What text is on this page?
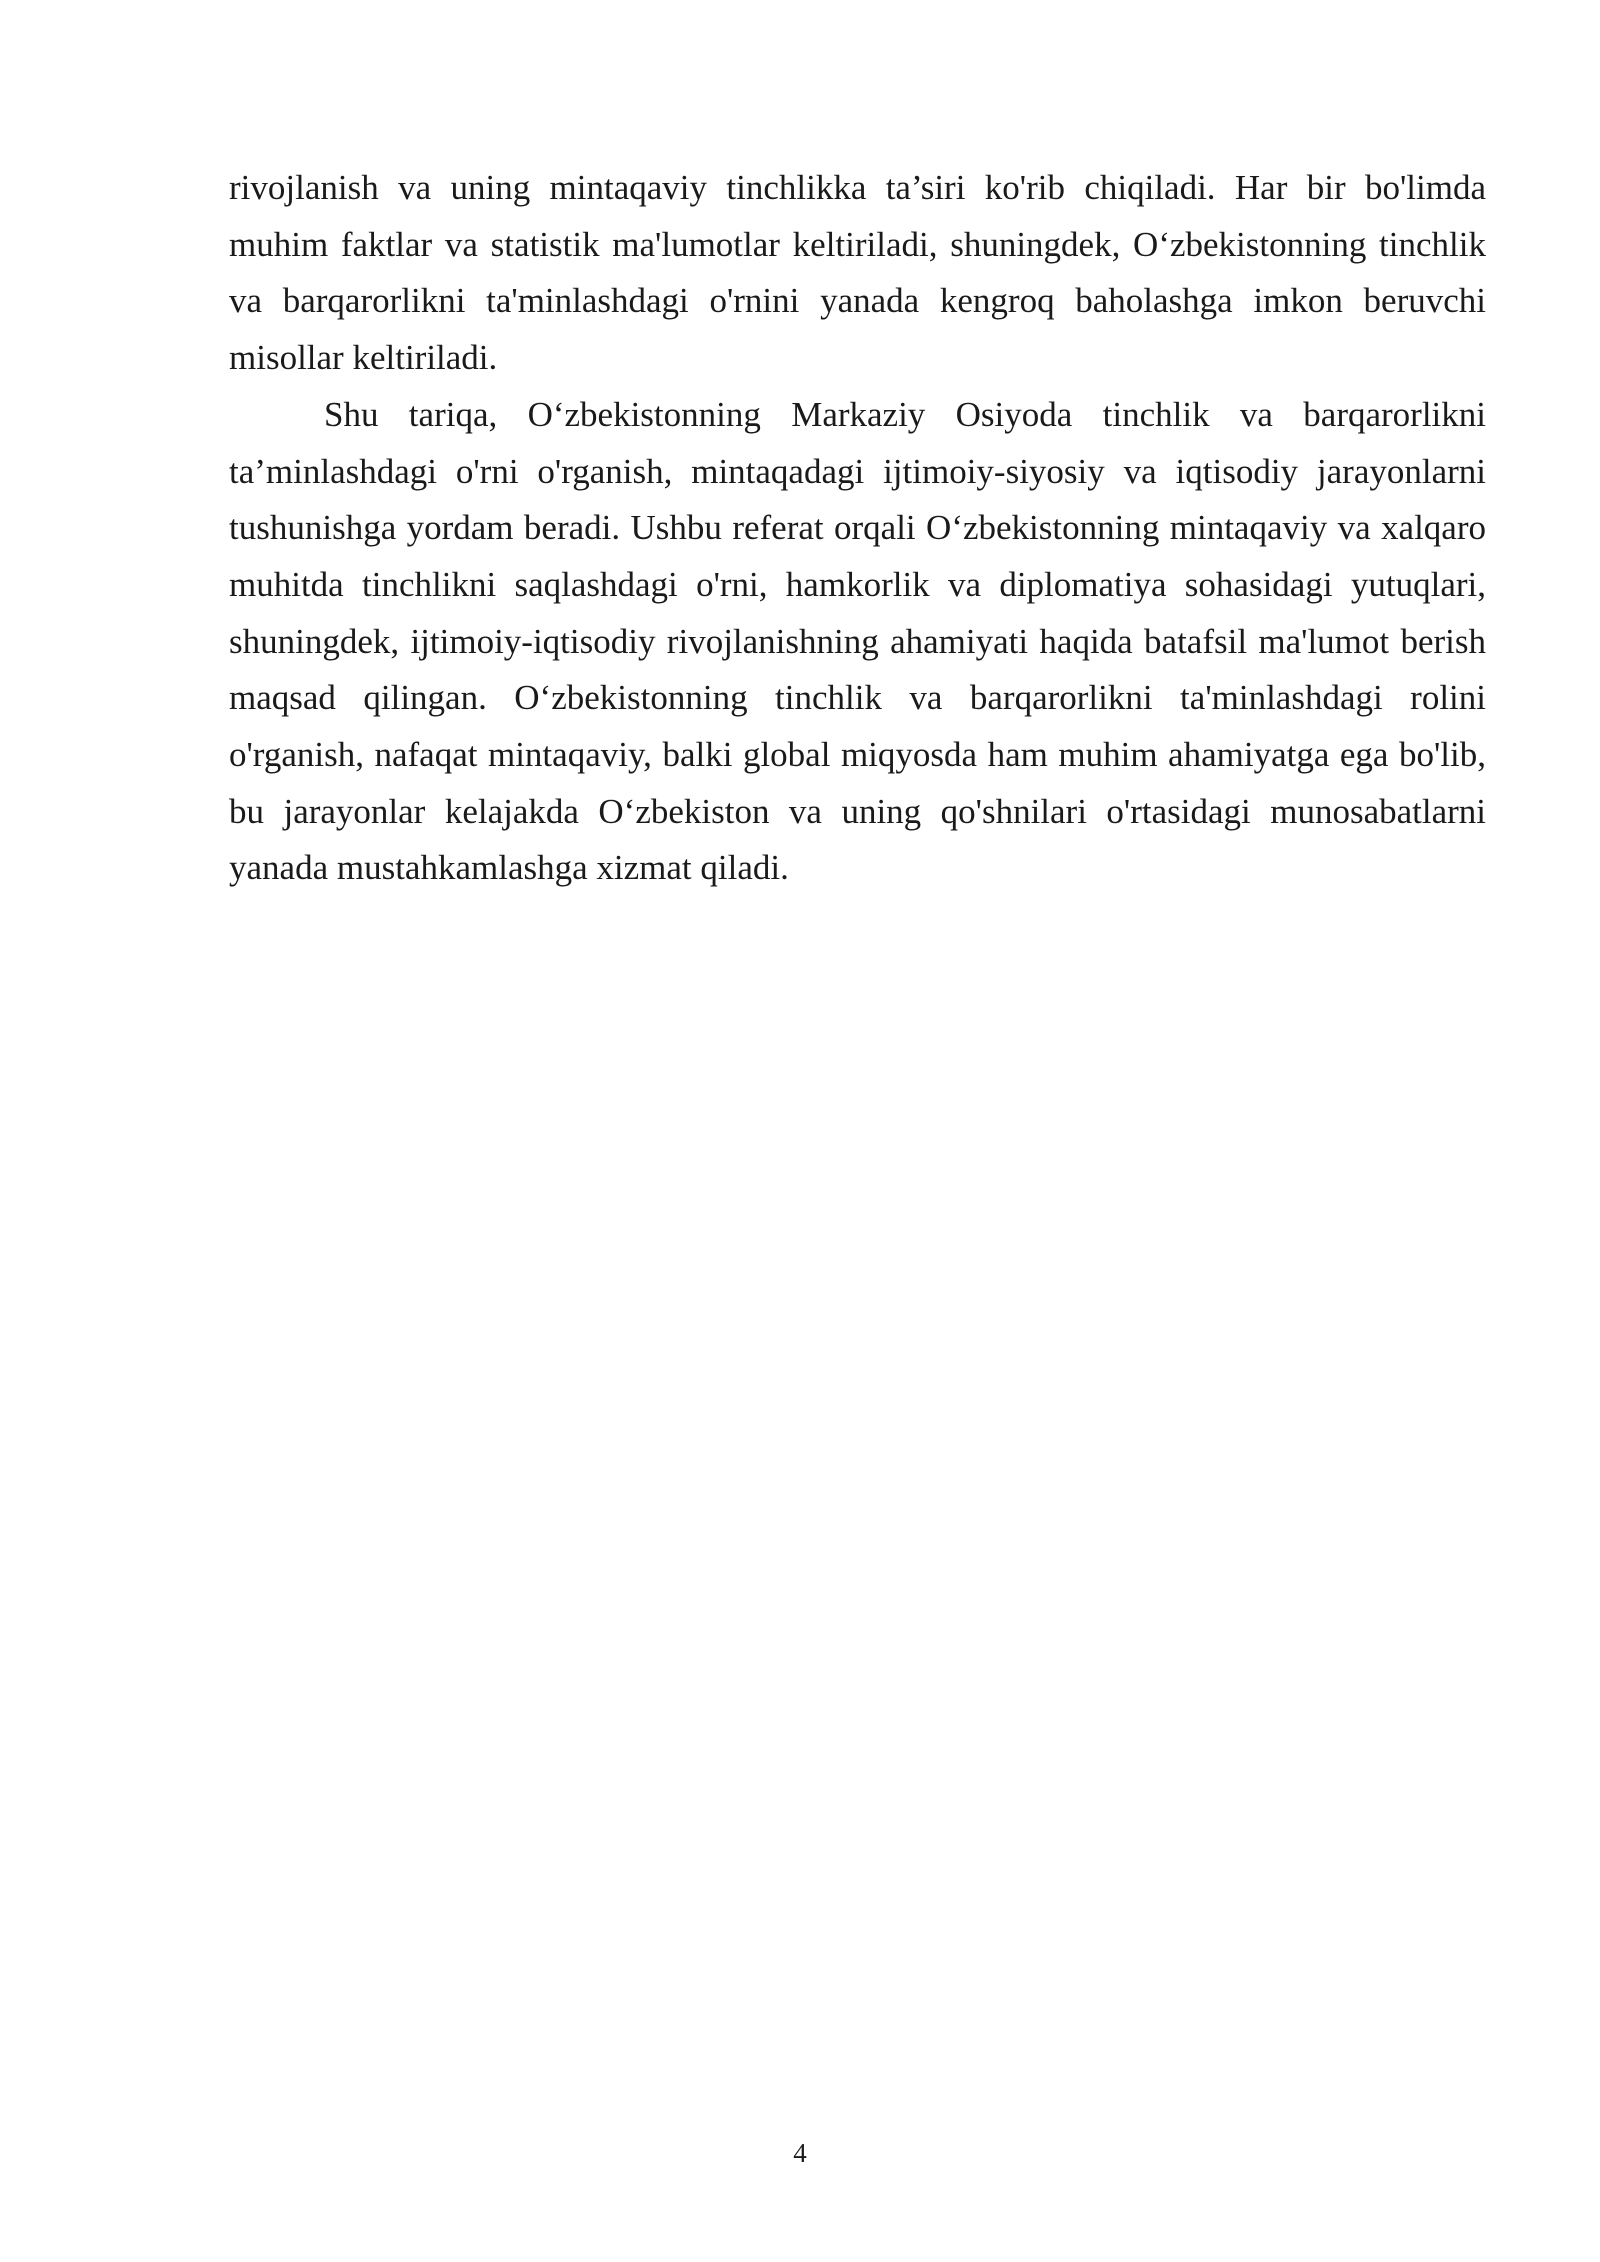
rivojlanish va uning mintaqaviy tinchlikka ta’siri ko'rib chiqiladi. Har bir bo'limda muhim faktlar va statistik ma'lumotlar keltiriladi, shuningdek, O‘zbekistonning tinchlik va barqarorlikni ta'minlashdagi o'rnini yanada kengroq baholashga imkon beruvchi misollar keltiriladi.

Shu tariqa, O‘zbekistonning Markaziy Osiyoda tinchlik va barqarorlikni ta’minlashdagi o'rni o'rganish, mintaqadagi ijtimoiy-siyosiy va iqtisodiy jarayonlarni tushunishga yordam beradi. Ushbu referat orqali O‘zbekistonning mintaqaviy va xalqaro muhitda tinchlikni saqlashdagi o'rni, hamkorlik va diplomatiya sohasidagi yutuqlari, shuningdek, ijtimoiy-iqtisodiy rivojlanishning ahamiyati haqida batafsil ma'lumot berish maqsad qilingan. O‘zbekistonning tinchlik va barqarorlikni ta'minlashdagi rolini o'rganish, nafaqat mintaqaviy, balki global miqyosda ham muhim ahamiyatga ega bo'lib, bu jarayonlar kelajakda O‘zbekiston va uning qo'shnilari o'rtasidagi munosabatlarni yanada mustahkamlashga xizmat qiladi.

4
